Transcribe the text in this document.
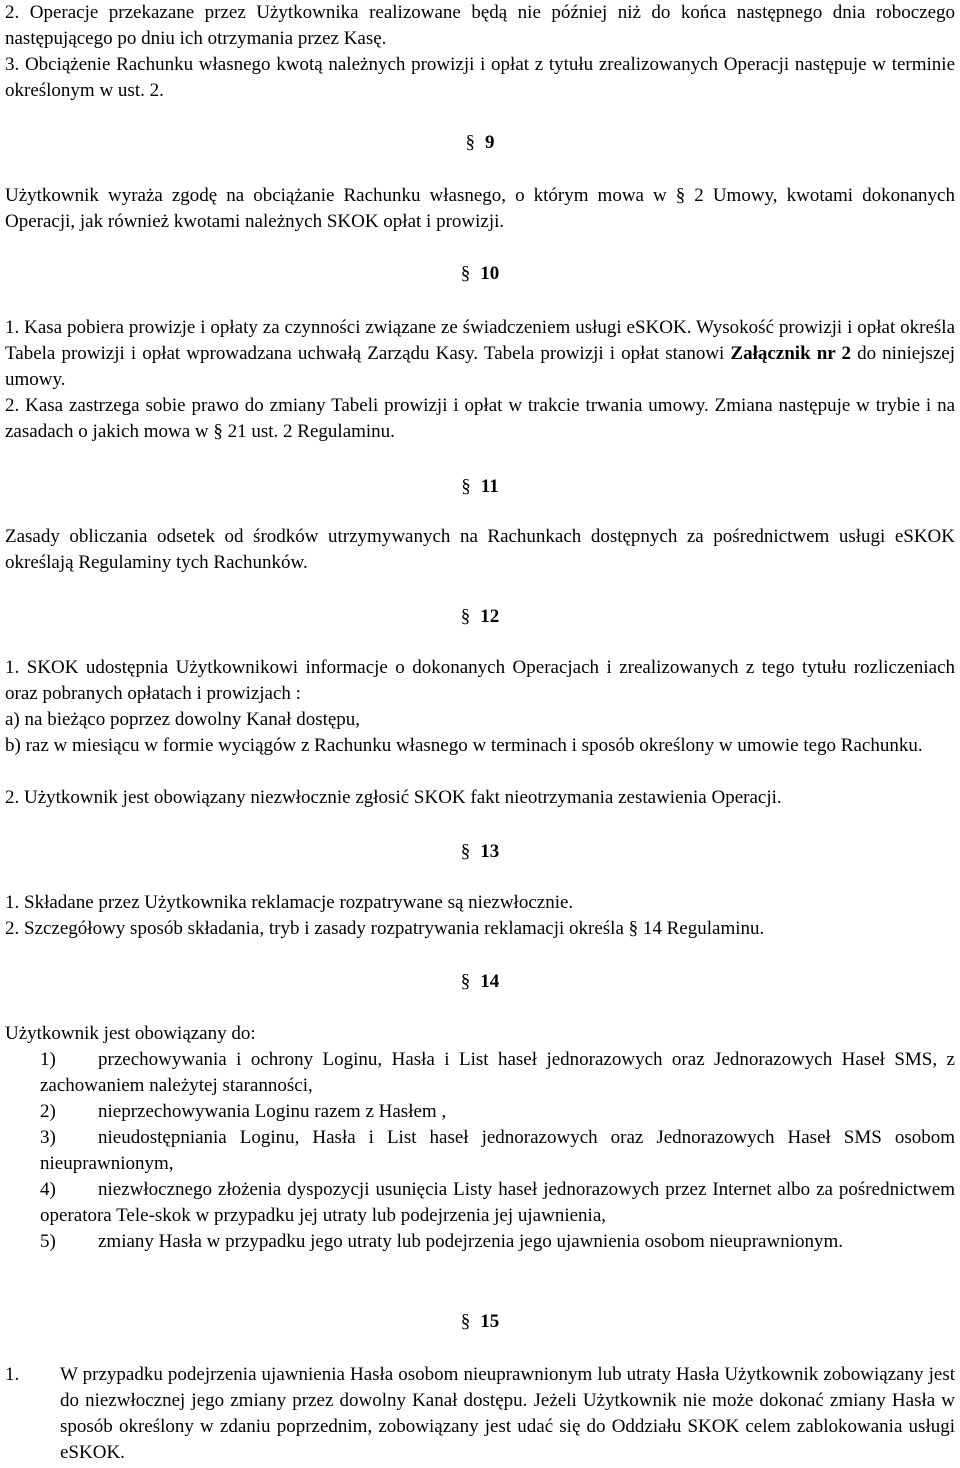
2. Operacje przekazane przez Użytkownika realizowane będą nie później niż do końca następnego dnia roboczego następującego po dniu ich otrzymania przez Kasę.

3. Obciążenie Rachunku własnego kwotą należnych prowizji i opłat z tytułu zrealizowanych Operacji następuje w terminie określonym w ust. 2.

§ 9

Użytkownik wyraża zgodę na obciążanie Rachunku własnego, o którym mowa w § 2 Umowy, kwotami dokonanych Operacji, jak również kwotami należnych SKOK opłat i prowizji.

§ 10

1. Kasa pobiera prowizje i opłaty za czynności związane ze świadczeniem usługi eSKOK. Wysokość prowizji i opłat określa Tabela prowizji i opłat wprowadzana uchwałą Zarządu Kasy. Tabela prowizji i opłat stanowi Załącznik nr 2 do niniejszej umowy.

2. Kasa zastrzega sobie prawo do zmiany Tabeli prowizji i opłat w trakcie trwania umowy. Zmiana następuje w trybie i na zasadach o jakich mowa w § 21 ust. 2 Regulaminu.

§ 11

Zasady obliczania odsetek od środków utrzymywanych na Rachunkach dostępnych za pośrednictwem usługi eSKOK określają Regulaminy tych Rachunków.

§ 12

1. SKOK udostępnia Użytkownikowi informacje o dokonanych Operacjach i zrealizowanych z tego tytułu rozliczeniach oraz pobranych opłatach i prowizjach :

a) na bieżąco poprzez dowolny Kanał dostępu,

b) raz w miesiącu w formie wyciągów z Rachunku własnego w terminach i sposób określony w umowie tego Rachunku.

2. Użytkownik jest obowiązany niezwłocznie zgłosić SKOK fakt nieotrzymania zestawienia Operacji.

§ 13

1. Składane przez Użytkownika reklamacje rozpatrywane są niezwłocznie.

2. Szczegółowy sposób składania, tryb i zasady rozpatrywania reklamacji określa § 14 Regulaminu.

§ 14

Użytkownik jest obowiązany do:

1) przechowywania i ochrony Loginu, Hasła i List haseł jednorazowych oraz Jednorazowych Haseł SMS, z zachowaniem należytej staranności,
2) nieprzechowywania Loginu razem z Hasłem ,
3) nieudostępniania Loginu, Hasła i List haseł jednorazowych oraz Jednorazowych Haseł SMS osobom nieuprawnionym,
4) niezwłocznego złożenia dyspozycji usunięcia Listy haseł jednorazowych przez Internet albo za pośrednictwem operatora Tele-skok w przypadku jej utraty lub podejrzenia jej ujawnienia,
5) zmiany Hasła w przypadku jego utraty lub podejrzenia jego ujawnienia osobom nieuprawnionym.
§ 15
1. W przypadku podejrzenia ujawnienia Hasła osobom nieuprawnionym lub utraty Hasła Użytkownik zobowiązany jest do niezwłocznej jego zmiany przez dowolny Kanał dostępu. Jeżeli Użytkownik nie może dokonać zmiany Hasła w sposób określony w zdaniu poprzednim, zobowiązany jest udać się do Oddziału SKOK celem zablokowania usługi eSKOK.
